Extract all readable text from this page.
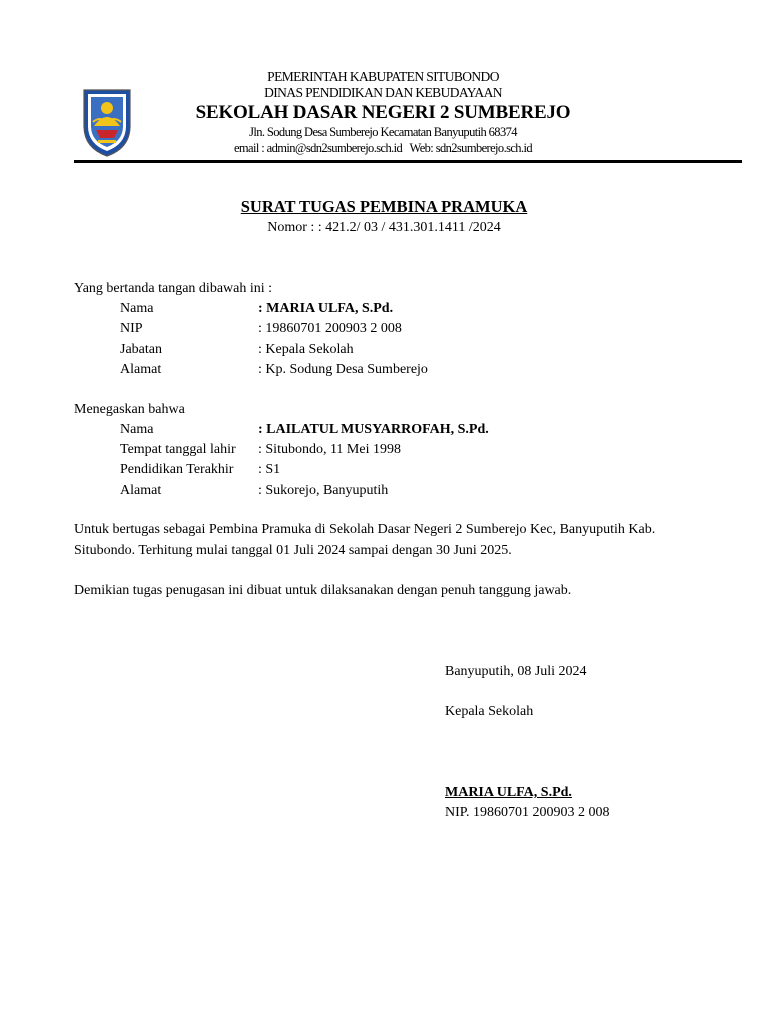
PEMERINTAH KABUPATEN SITUBONDO
DINAS PENDIDIKAN DAN KEBUDAYAAN
SEKOLAH DASAR NEGERI 2 SUMBEREJO
Jln. Sodung Desa Sumberejo Kecamatan Banyuputih 68374
email : admin@sdn2sumberejo.sch.id   Web: sdn2sumberejo.sch.id
SURAT TUGAS PEMBINA PRAMUKA
Nomor : : 421.2/ 03 / 431.301.1411 /2024
Yang bertanda tangan dibawah ini :
Nama	: MARIA ULFA, S.Pd.
NIP	: 19860701 200903 2 008
Jabatan	: Kepala Sekolah
Alamat	: Kp. Sodung Desa Sumberejo
Menegaskan bahwa
Nama	: LAILATUL MUSYARROFAH, S.Pd.
Tempat tanggal lahir : Situbondo, 11 Mei 1998
Pendidikan Terakhir : S1
Alamat	: Sukorejo, Banyuputih
Untuk bertugas sebagai Pembina Pramuka di Sekolah Dasar Negeri 2 Sumberejo Kec, Banyuputih Kab. Situbondo. Terhitung mulai tanggal 01 Juli 2024 sampai dengan 30 Juni 2025.
Demikian tugas penugasan ini dibuat untuk dilaksanakan dengan penuh tanggung jawab.
Banyuputih, 08 Juli 2024
Kepala Sekolah
MARIA ULFA, S.Pd.
NIP. 19860701 200903 2 008
